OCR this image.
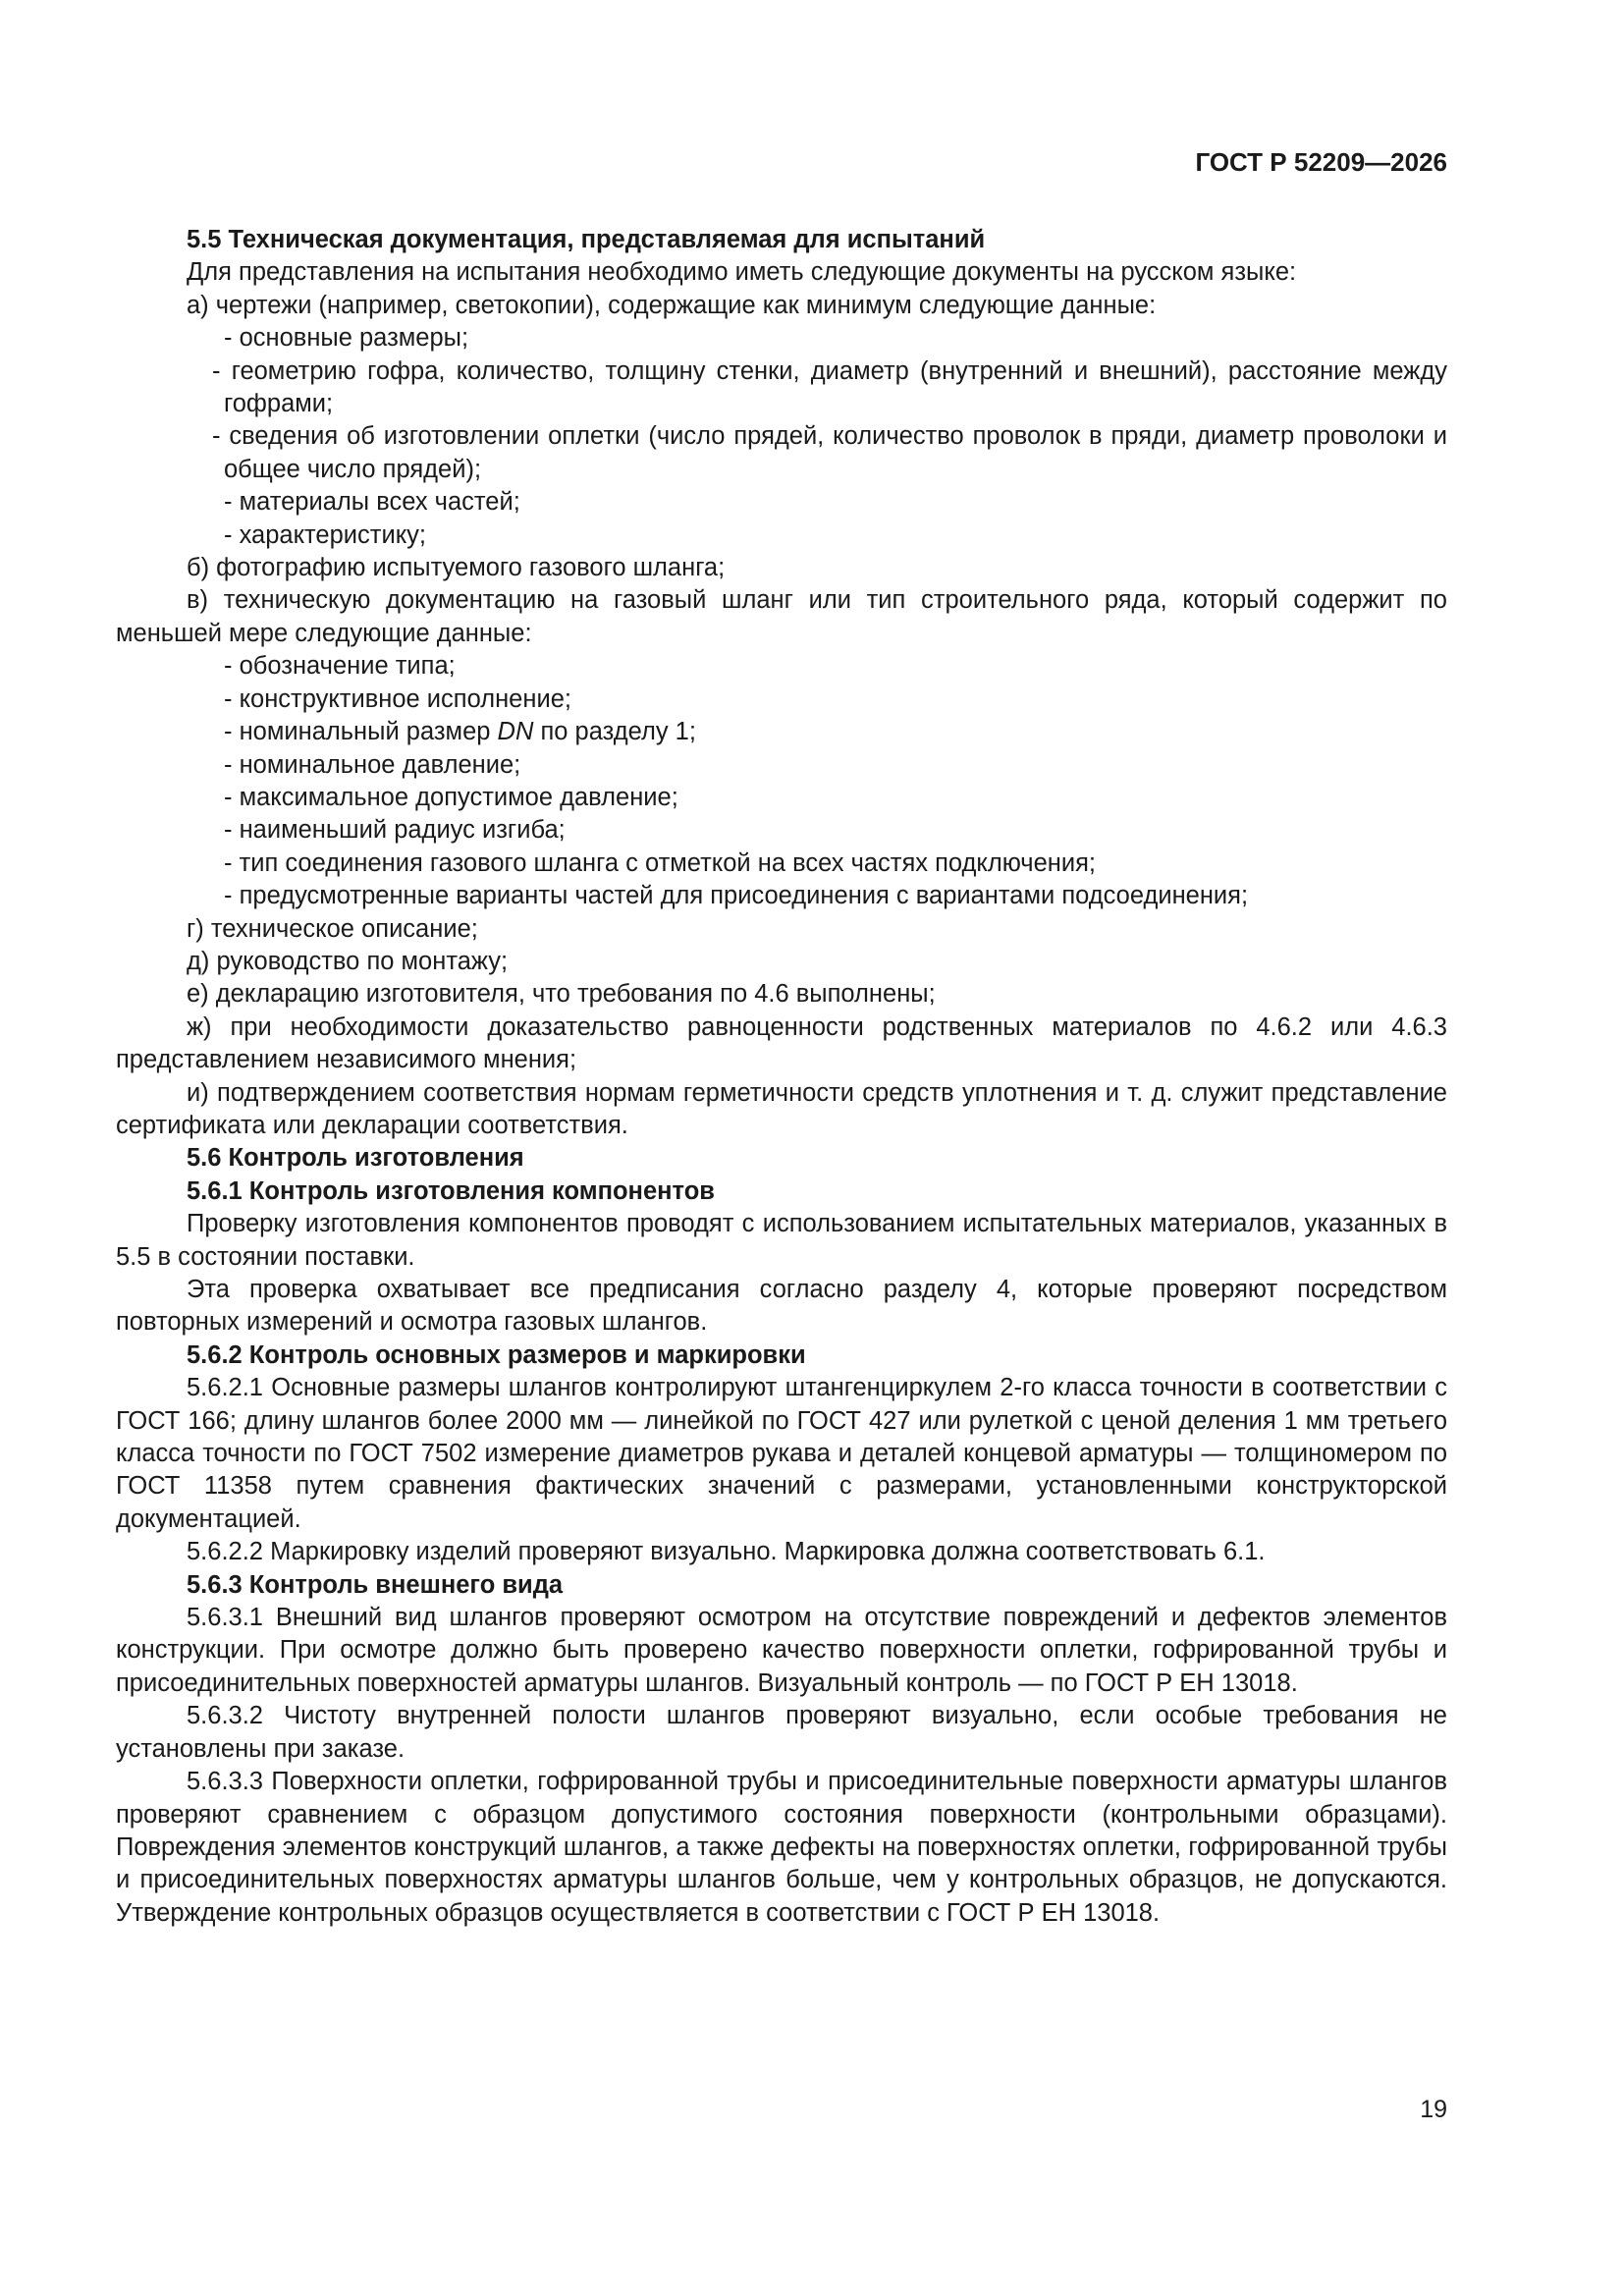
ГОСТ Р 52209—2026

5.5 Техническая документация, представляемая для испытаний

Для представления на испытания необходимо иметь следующие документы на русском языке:

а) чертежи (например, светокопии), содержащие как минимум следующие данные:

- основные размеры;

- геометрию гофра, количество, толщину стенки, диаметр (внутренний и внешний), расстояние между гофрами;

- сведения об изготовлении оплетки (число прядей, количество проволок в пряди, диаметр проволоки и общее число прядей);

- материалы всех частей;

- характеристику;

б) фотографию испытуемого газового шланга;

в) техническую документацию на газовый шланг или тип строительного ряда, который содержит по меньшей мере следующие данные:

- обозначение типа;

- конструктивное исполнение;

- номинальный размер DN по разделу 1;

- номинальное давление;

- максимальное допустимое давление;

- наименьший радиус изгиба;

- тип соединения газового шланга с отметкой на всех частях подключения;

- предусмотренные варианты частей для присоединения с вариантами подсоединения;

г) техническое описание;

д) руководство по монтажу;

е) декларацию изготовителя, что требования по 4.6 выполнены;

ж) при необходимости доказательство равноценности родственных материалов по 4.6.2 или 4.6.3 представлением независимого мнения;

и) подтверждением соответствия нормам герметичности средств уплотнения и т. д. служит представление сертификата или декларации соответствия.

5.6 Контроль изготовления

5.6.1 Контроль изготовления компонентов

Проверку изготовления компонентов проводят с использованием испытательных материалов, указанных в 5.5 в состоянии поставки.

Эта проверка охватывает все предписания согласно разделу 4, которые проверяют посредством повторных измерений и осмотра газовых шлангов.

5.6.2 Контроль основных размеров и маркировки

5.6.2.1 Основные размеры шлангов контролируют штангенциркулем 2-го класса точности в соответствии с ГОСТ 166; длину шлангов более 2000 мм — линейкой по ГОСТ 427 или рулеткой с ценой деления 1 мм третьего класса точности по ГОСТ 7502 измерение диаметров рукава и деталей концевой арматуры — толщиномером по ГОСТ 11358 путем сравнения фактических значений с размерами, установленными конструкторской документацией.

5.6.2.2 Маркировку изделий проверяют визуально. Маркировка должна соответствовать 6.1.

5.6.3 Контроль внешнего вида

5.6.3.1 Внешний вид шлангов проверяют осмотром на отсутствие повреждений и дефектов элементов конструкции. При осмотре должно быть проверено качество поверхности оплетки, гофрированной трубы и присоединительных поверхностей арматуры шлангов. Визуальный контроль — по ГОСТ Р ЕН 13018.

5.6.3.2 Чистоту внутренней полости шлангов проверяют визуально, если особые требования не установлены при заказе.

5.6.3.3 Поверхности оплетки, гофрированной трубы и присоединительные поверхности арматуры шлангов проверяют сравнением с образцом допустимого состояния поверхности (контрольными образцами). Повреждения элементов конструкций шлангов, а также дефекты на поверхностях оплетки, гофрированной трубы и присоединительных поверхностях арматуры шлангов больше, чем у контрольных образцов, не допускаются. Утверждение контрольных образцов осуществляется в соответствии с ГОСТ Р ЕН 13018.

19
